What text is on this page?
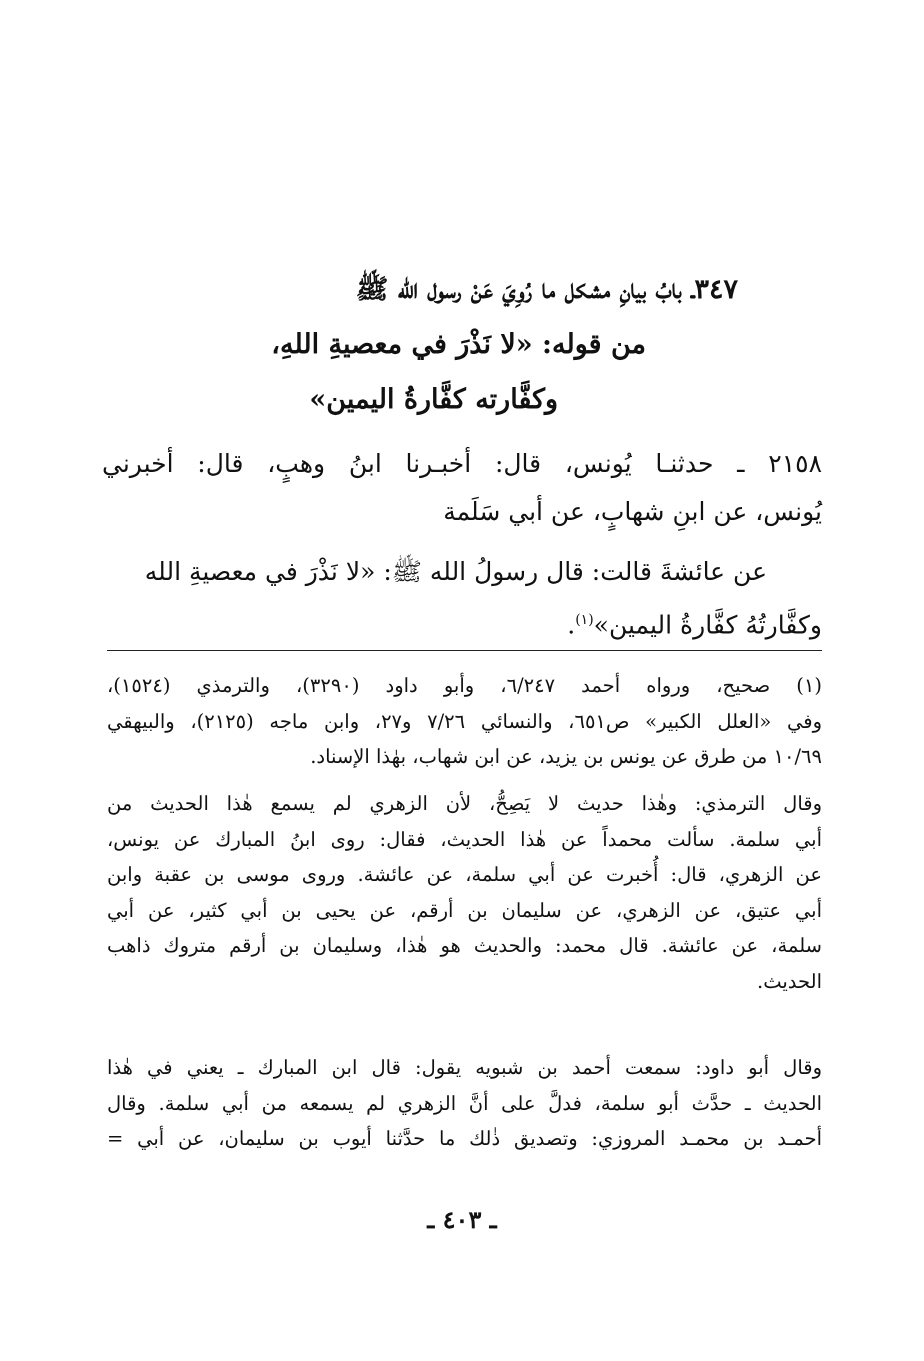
٣٤٧ـ بابُ بيانِ مشكل ما رُوِيَ عَنْ رسول الله ﷺ
من قوله: «لا نَذْرَ في معصيةِ اللهِ،
وكفَّارته كفَّارةُ اليمين»
٢١٥٨ ـ حدثنـا يُونس، قال: أخبـرنا ابنُ وهبٍ، قال: أخبرني
يُونس، عن ابنِ شهابٍ، عن أبي سَلَمة
عن عائشةَ قالت: قال رسولُ الله ﷺ: «لا نَذْرَ في معصيةِ الله
وكفَّارتُهُ كفَّارةُ اليمين»$^{(١)}$.
(١) صحيح، ورواه أحمد ٦/٢٤٧، وأبو داود (٣٢٩٠)، والترمذي (١٥٢٤)،
وفي «العلل الكبير» ص٦٥١، والنسائي ٧/٢٦ و٢٧، وابن ماجه (٢١٢٥)، والبيهقي
١٠/٦٩ من طرق عن يونس بن يزيد، عن ابن شهاب، بهٰذا الإسناد.
وقال الترمذي: وهٰذا حديث لا يَصِحُّ، لأن الزهري لم يسمع هٰذا الحديث من
أبي سلمة. سألت محمداً عن هٰذا الحديث، فقال: روى ابنُ المبارك عن يونس،
عن الزهري، قال: أُخبرت عن أبي سلمة، عن عائشة. وروى موسى بن عقبة وابن
أبي عتيق، عن الزهري، عن سليمان بن أرقم، عن يحيى بن أبي كثير، عن أبي
سلمة، عن عائشة. قال محمد: والحديث هو هٰذا، وسليمان بن أرقم متروك ذاهب
الحديث.
وقال أبو داود: سمعت أحمد بن شبويه يقول: قال ابن المبارك ـ يعني في هٰذا
الحديث ـ حدَّث أبو سلمة، فدلَّ على أنَّ الزهري لم يسمعه من أبي سلمة. وقال
أحمـد بن محمـد المروزي: وتصديق ذٰلك ما حدَّثنا أيوب بن سليمان، عن أبي =
ـ ٤٠٣ ـ
